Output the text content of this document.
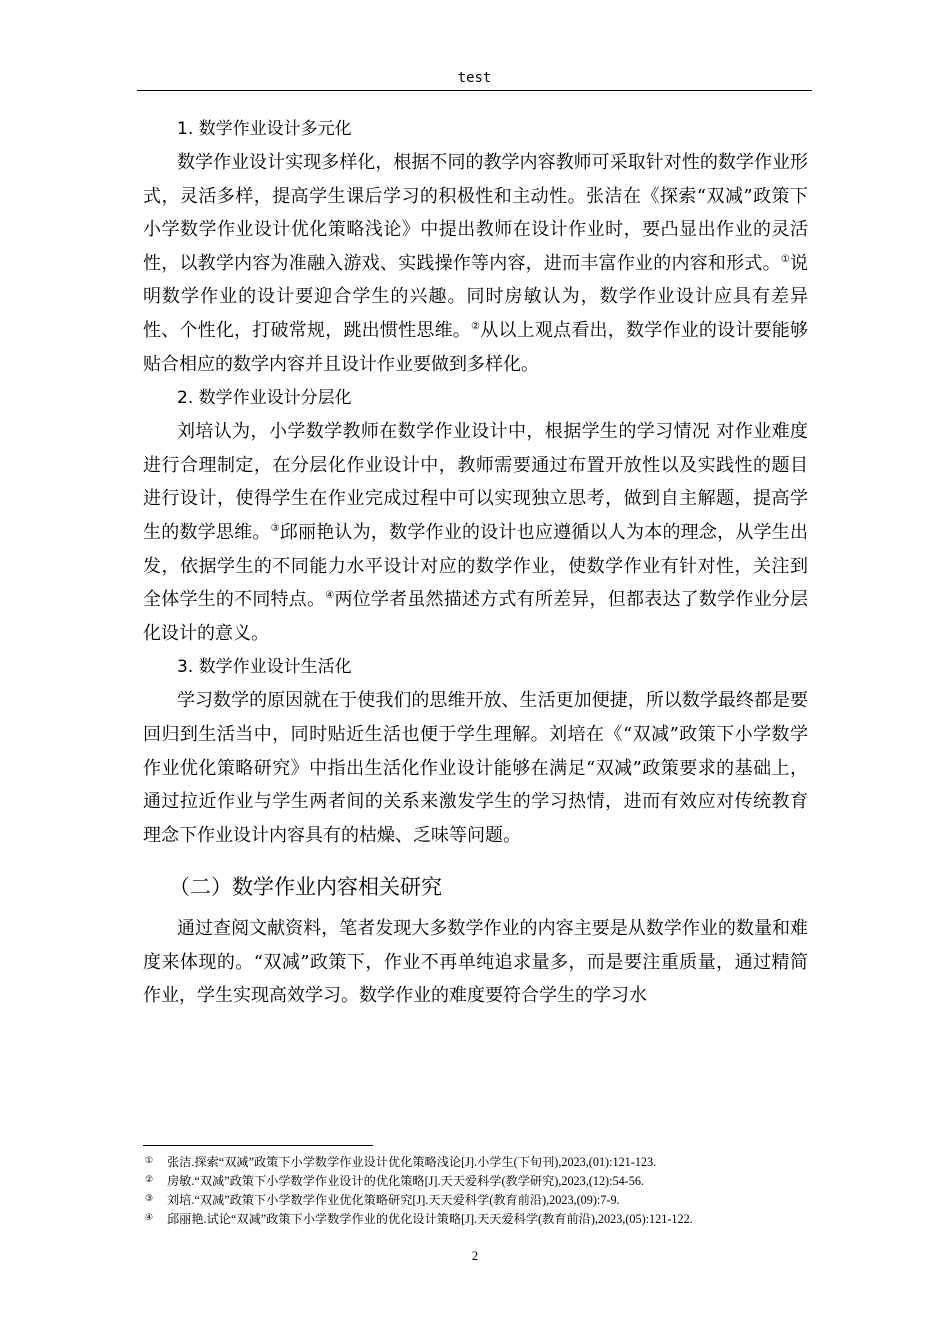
test
1. 数学作业设计多元化

数学作业设计实现多样化，根据不同的教学内容教师可采取针对性的数学作业形式，灵活多样，提高学生课后学习的积极性和主动性。张洁在《探索“双减”政策下小学数学作业设计优化策略浅论》中提出教师在设计作业时，要凸显出作业的灵活性，以教学内容为准融入游戏、实践操作等内容，进而丰富作业的内容和形式。①说明数学作业的设计要迎合学生的兴趣。同时房敏认为，数学作业设计应具有差异性、个性化，打破常规，跳出惯性思维。②从以上观点看出，数学作业的设计要能够贴合相应的数学内容并且设计作业要做到多样化。

2. 数学作业设计分层化

刘培认为，小学数学教师在数学作业设计中，根据学生的学习情况 对作业难度进行合理制定，在分层化作业设计中，教师需要通过布置开放性以及实践性的题目进行设计，使得学生在作业完成过程中可以实现独立思考，做到自主解题，提高学生的数学思维。③邱丽艳认为，数学作业的设计也应遵循以人为本的理念，从学生出发，依据学生的不同能力水平设计对应的数学作业，使数学作业有针对性，关注到全体学生的不同特点。④两位学者虽然描述方式有所差异，但都表达了数学作业分层化设计的意义。

3. 数学作业设计生活化

学习数学的原因就在于使我们的思维开放、生活更加便捷，所以数学最终都是要回归到生活当中，同时贴近生活也便于学生理解。刘培在《“双减”政策下小学数学作业优化策略研究》中指出生活化作业设计能够在满足“双减”政策要求的基础上，通过拉近作业与学生两者间的关系来激发学生的学习热情，进而有效应对传统教育理念下作业设计内容具有的枯燥、乏味等问题。

（二）数学作业内容相关研究

通过查阅文献资料，笔者发现大多数学作业的内容主要是从数学作业的数量和难度来体现的。“双减”政策下，作业不再单纯追求量多，而是要注重质量，通过精简作业，学生实现高效学习。数学作业的难度要符合学生的学习水

① 张洁.探索“双减”政策下小学数学作业设计优化策略浅论[J].小学生(下旬刊),2023,(01):121-123.
② 房敏.“双减”政策下小学数学作业设计的优化策略[J].天天爱科学(教学研究),2023,(12):54-56.
③ 刘培.“双减”政策下小学数学作业优化策略研究[J].天天爱科学(教育前沿),2023,(09):7-9.
④ 邱丽艳.试论“双减”政策下小学数学作业的优化设计策略[J].天天爱科学(教育前沿),2023,(05):121-122.
2
